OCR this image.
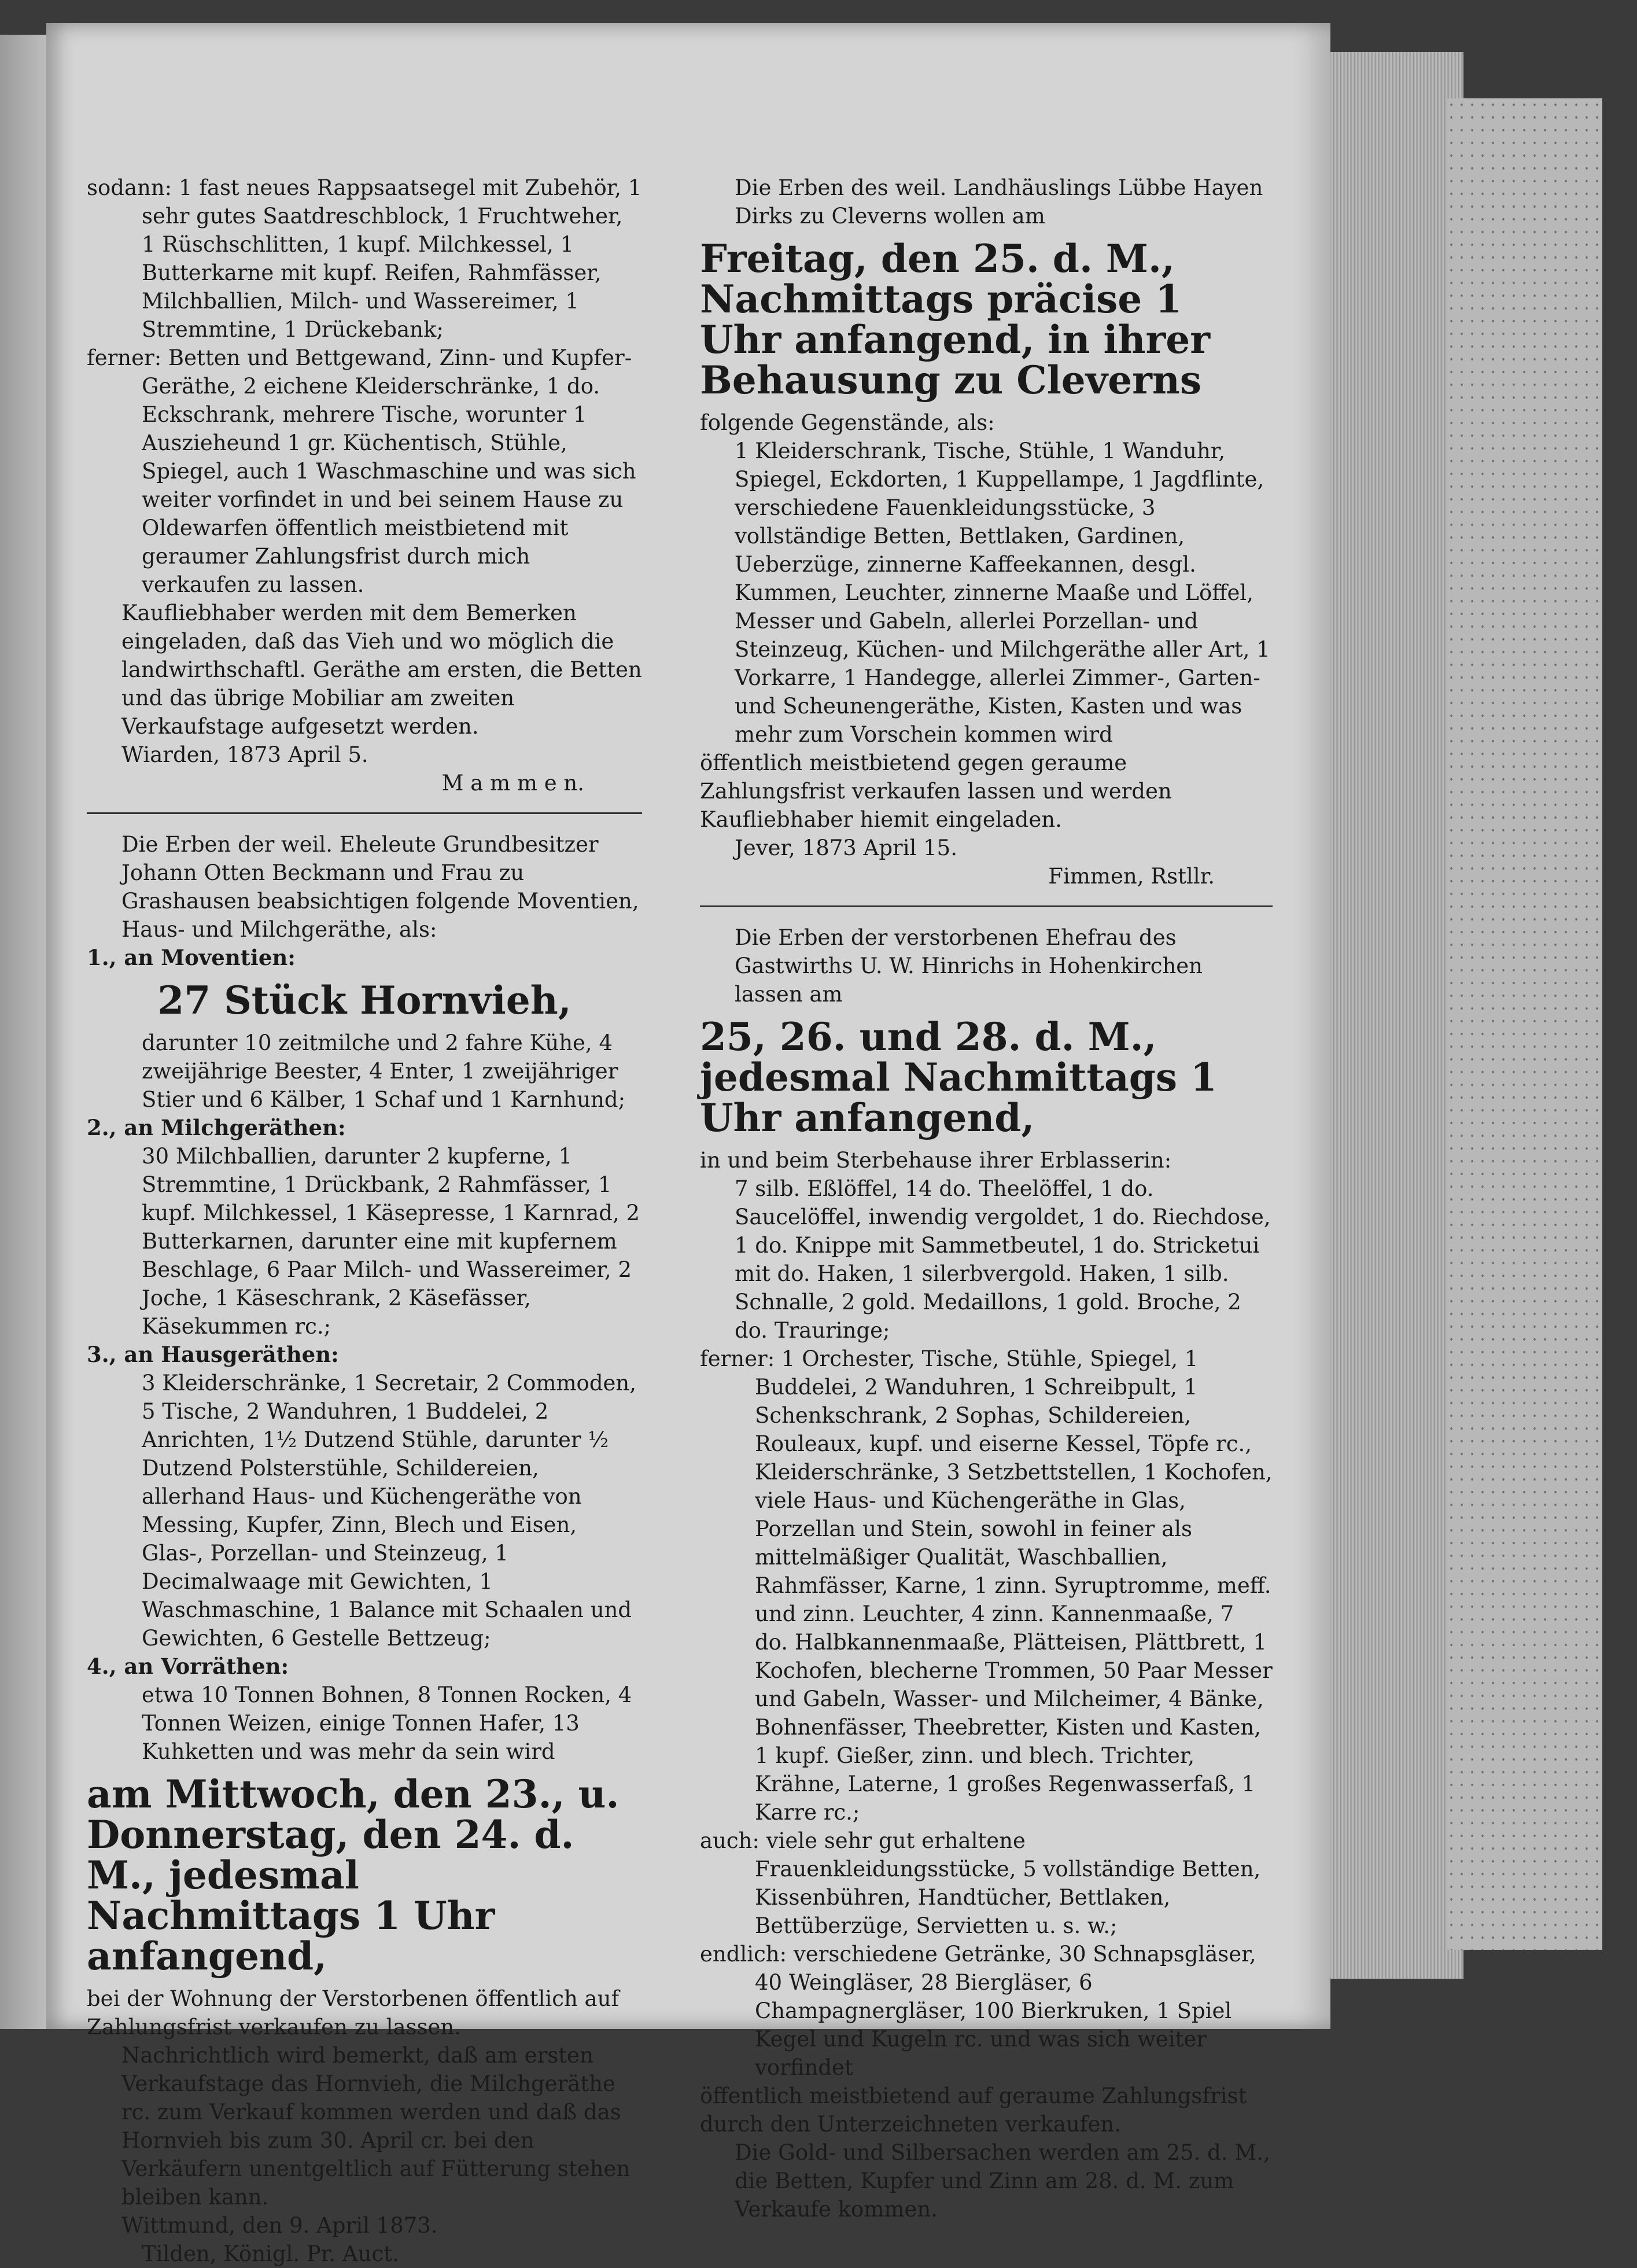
sodann: 1 fast neues Rappsaatsegel mit Zubehör, 1 sehr gutes Saatdreschblock, 1 Fruchtweher, 1 Rüschschlitten, 1 kupf. Milchkessel, 1 Butterkarne mit kupf. Reifen, Rahmfässer, Milchballien, Milch- und Wassereimer, 1 Stremmtine, 1 Drückebank;

ferner: Betten und Bettgewand, Zinn- und Kupfer-Geräthe, 2 eichene Kleiderschränke, 1 do. Eckschrank, mehrere Tische, worunter 1 Auszieheund 1 gr. Küchentisch, Stühle, Spiegel, auch 1 Waschmaschine und was sich weiter vorfindet in und bei seinem Hause zu Oldewarfen öffentlich meistbietend mit geraumer Zahlungsfrist durch mich verkaufen zu lassen.

Kaufliebhaber werden mit dem Bemerken eingeladen, daß das Vieh und wo möglich die landwirthschaftl. Geräthe am ersten, die Betten und das übrige Mobiliar am zweiten Verkaufstage aufgesetzt werden.

Wiarden, 1873 April 5.

M a m m e n.

Die Erben der weil. Eheleute Grundbesitzer Johann Otten Beckmann und Frau zu Grashausen beabsichtigen folgende Moventien, Haus- und Milchgeräthe, als:

1., an Moventien:

27 Stück Hornvieh,

darunter 10 zeitmilche und 2 fahre Kühe, 4 zweijährige Beester, 4 Enter, 1 zweijähriger Stier und 6 Kälber, 1 Schaf und 1 Karnhund;

2., an Milchgeräthen:

30 Milchballien, darunter 2 kupferne, 1 Stremmtine, 1 Drückbank, 2 Rahmfässer, 1 kupf. Milchkessel, 1 Käsepresse, 1 Karnrad, 2 Butterkarnen, darunter eine mit kupfernem Beschlage, 6 Paar Milch- und Wassereimer, 2 Joche, 1 Käseschrank, 2 Käsefässer, Käsekummen rc.;

3., an Hausgeräthen:

3 Kleiderschränke, 1 Secretair, 2 Commoden, 5 Tische, 2 Wanduhren, 1 Buddelei, 2 Anrichten, 1½ Dutzend Stühle, darunter ½ Dutzend Polsterstühle, Schildereien, allerhand Haus- und Küchengeräthe von Messing, Kupfer, Zinn, Blech und Eisen, Glas-, Porzellan- und Steinzeug, 1 Decimalwaage mit Gewichten, 1 Waschmaschine, 1 Balance mit Schaalen und Gewichten, 6 Gestelle Bettzeug;

4., an Vorräthen:

etwa 10 Tonnen Bohnen, 8 Tonnen Rocken, 4 Tonnen Weizen, einige Tonnen Hafer, 13 Kuhketten und was mehr da sein wird

am Mittwoch, den 23., u. Donnerstag, den 24. d. M., jedesmal Nachmittags 1 Uhr anfangend,

bei der Wohnung der Verstorbenen öffentlich auf Zahlungsfrist verkaufen zu lassen.

Nachrichtlich wird bemerkt, daß am ersten Verkaufstage das Hornvieh, die Milchgeräthe rc. zum Verkauf kommen werden und daß das Hornvieh bis zum 30. April cr. bei den Verkäufern unentgeltlich auf Fütterung stehen bleiben kann.

Wittmund, den 9. April 1873.

Tilden, Königl. Pr. Auct.

Die Erben des weil. Landhäuslings Lübbe Hayen Dirks zu Cleverns wollen am

Freitag, den 25. d. M., Nachmittags präcise 1 Uhr anfangend, in ihrer Behausung zu Cleverns

folgende Gegenstände, als:

1 Kleiderschrank, Tische, Stühle, 1 Wanduhr, Spiegel, Eckdorten, 1 Kuppellampe, 1 Jagdflinte, verschiedene Fauenkleidungsstücke, 3 vollständige Betten, Bettlaken, Gardinen, Ueberzüge, zinnerne Kaffeekannen, desgl. Kummen, Leuchter, zinnerne Maaße und Löffel, Messer und Gabeln, allerlei Porzellan- und Steinzeug, Küchen- und Milchgeräthe aller Art, 1 Vorkarre, 1 Handegge, allerlei Zimmer-, Garten- und Scheunengeräthe, Kisten, Kasten und was mehr zum Vorschein kommen wird

öffentlich meistbietend gegen geraume Zahlungsfrist verkaufen lassen und werden Kaufliebhaber hiemit eingeladen.

Jever, 1873 April 15.

Fimmen, Rstllr.

Die Erben der verstorbenen Ehefrau des Gastwirths U. W. Hinrichs in Hohenkirchen lassen am

25, 26. und 28. d. M., jedesmal Nachmittags 1 Uhr anfangend,

in und beim Sterbehause ihrer Erblasserin:

7 silb. Eßlöffel, 14 do. Theelöffel, 1 do. Saucelöffel, inwendig vergoldet, 1 do. Riechdose, 1 do. Knippe mit Sammetbeutel, 1 do. Stricketui mit do. Haken, 1 silerbvergold. Haken, 1 silb. Schnalle, 2 gold. Medaillons, 1 gold. Broche, 2 do. Trauringe;

ferner: 1 Orchester, Tische, Stühle, Spiegel, 1 Buddelei, 2 Wanduhren, 1 Schreibpult, 1 Schenkschrank, 2 Sophas, Schildereien, Rouleaux, kupf. und eiserne Kessel, Töpfe rc., Kleiderschränke, 3 Setzbettstellen, 1 Kochofen, viele Haus- und Küchengeräthe in Glas, Porzellan und Stein, sowohl in feiner als mittelmäßiger Qualität, Waschballien, Rahmfässer, Karne, 1 zinn. Syruptromme, meff. und zinn. Leuchter, 4 zinn. Kannenmaaße, 7 do. Halbkannenmaaße, Plätteisen, Plättbrett, 1 Kochofen, blecherne Trommen, 50 Paar Messer und Gabeln, Wasser- und Milcheimer, 4 Bänke, Bohnenfässer, Theebretter, Kisten und Kasten, 1 kupf. Gießer, zinn. und blech. Trichter, Krähne, Laterne, 1 großes Regenwasserfaß, 1 Karre rc.;

auch: viele sehr gut erhaltene Frauenkleidungsstücke, 5 vollständige Betten, Kissenbühren, Handtücher, Bettlaken, Bettüberzüge, Servietten u. s. w.;

endlich: verschiedene Getränke, 30 Schnapsgläser, 40 Weingläser, 28 Biergläser, 6 Champagnergläser, 100 Bierkruken, 1 Spiel Kegel und Kugeln rc. und was sich weiter vorfindet

öffentlich meistbietend auf geraume Zahlungsfrist durch den Unterzeichneten verkaufen.

Die Gold- und Silbersachen werden am 25. d. M., die Betten, Kupfer und Zinn am 28. d. M. zum Verkaufe kommen.
